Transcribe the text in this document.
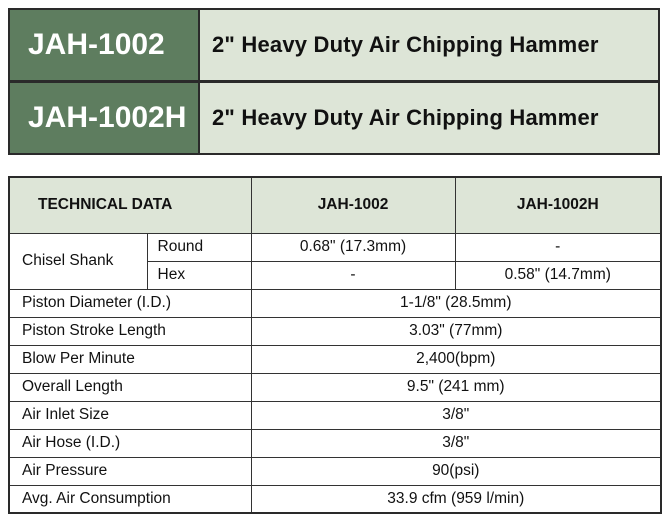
JAH-1002	2" Heavy Duty Air Chipping Hammer
JAH-1002H	2" Heavy Duty Air Chipping Hammer
TECHNICAL DATA		JAH-1002	JAH-1002H
Chisel Shank	Round	0.68" (17.3mm)	-
	Hex	-	0.58" (14.7mm)
Piston Diameter (I.D.)		1-1/8" (28.5mm)	
Piston Stroke Length		3.03" (77mm)	
Blow Per Minute		2,400(bpm)	
Overall Length		9.5" (241 mm)	
Air Inlet Size		3/8"	
Air Hose (I.D.)		3/8"	
Air Pressure		90(psi)	
Avg. Air Consumption		33.9 cfm (959 l/min)	
